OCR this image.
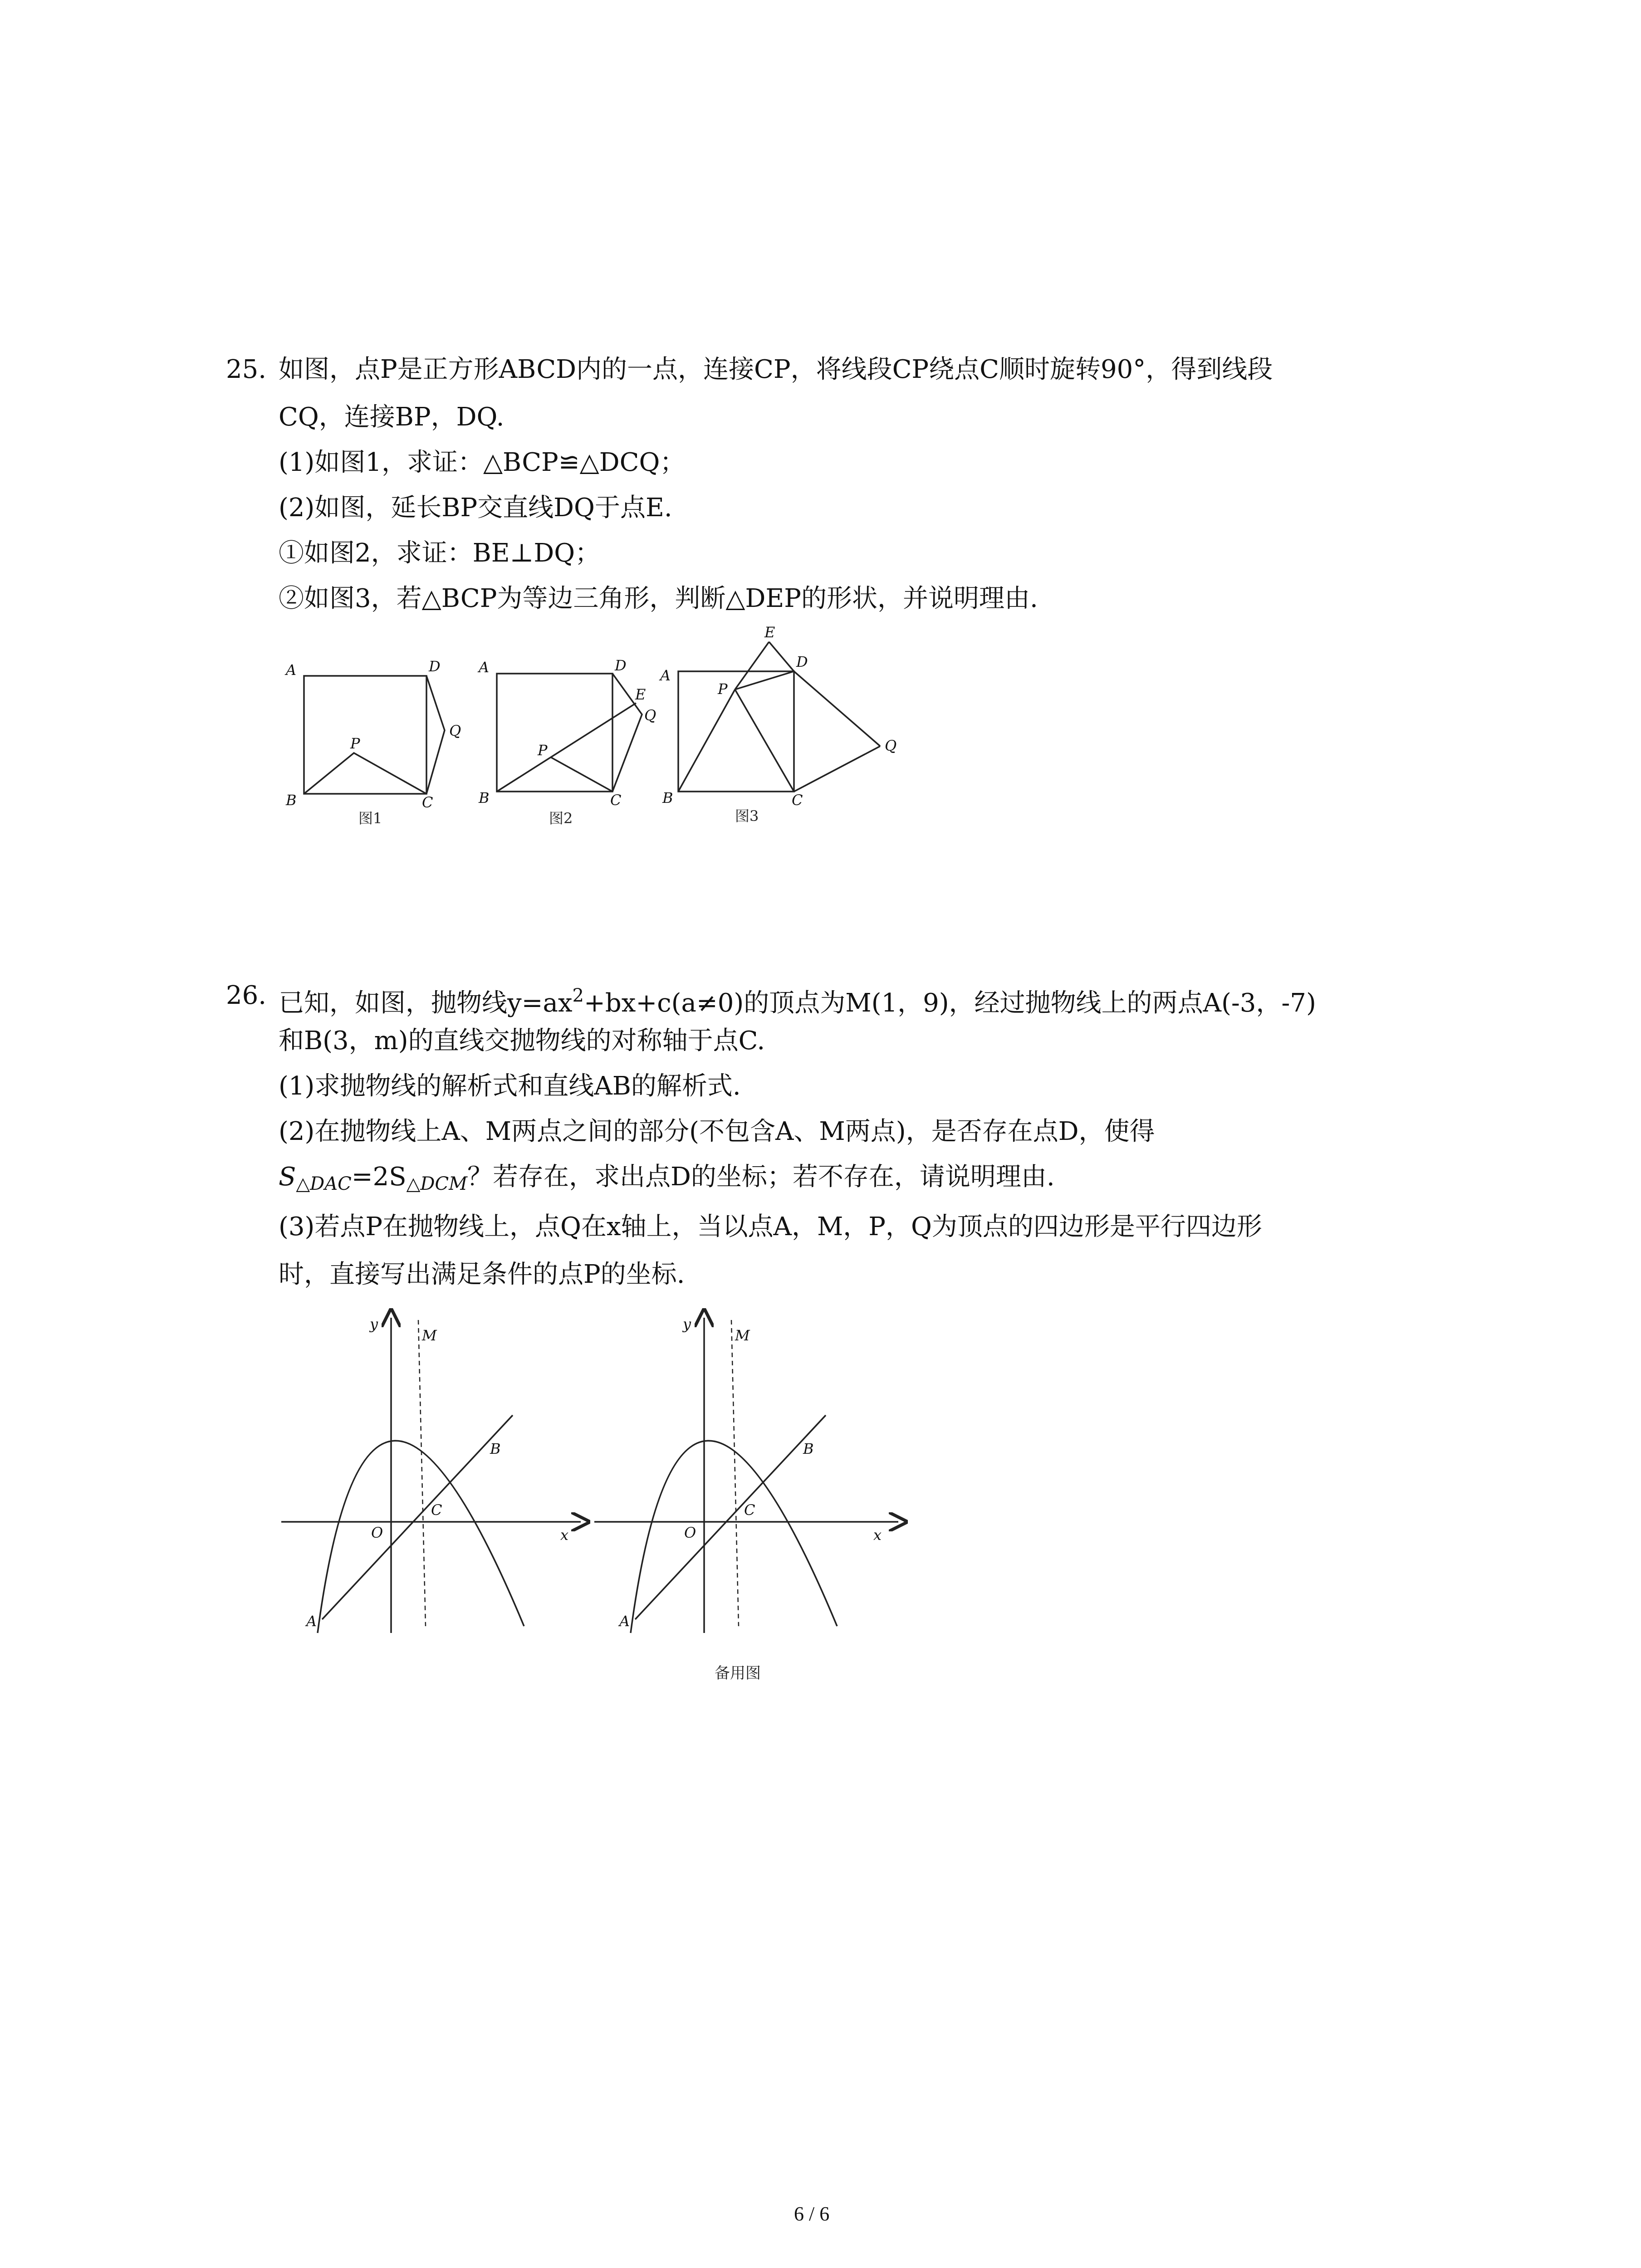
25. 如图，点P是正方形ABCD内的一点，连接CP，将线段CP绕点C顺时旋转90°，得到线段
CQ，连接BP，DQ.
(1)如图1，求证：△BCP≌△DCQ；
(2)如图，延长BP交直线DQ于点E.
①如图2，求证：BE⊥DQ；
②如图3，若△BCP为等边三角形，判断△DEP的形状，并说明理由.
A	D
Q
P
B	C
A	D
E
Q
P
B	C
A
E
D
P
Q
B	C
图1	图2	图3
26. 已知，如图，抛物线$y=ax^2+bx+c(a\ne 0)$的顶点为M(1，9)，经过抛物线上的两点A(-3，-7)
和B(3，m)的直线交抛物线的对称轴于点C.
(1)求抛物线的解析式和直线AB的解析式.
(2)在抛物线上A、M两点之间的部分(不包含A、M两点)，是否存在点D，使得
$S_{\triangle DAC}=2S_{\triangle DCM}$？若存在，求出点D的坐标；若不存在，请说明理由.
(3)若点P在抛物线上，点Q在x轴上，当以点A，M，P，Q为顶点的四边形是平行四边形
时，直接写出满足条件的点P的坐标.
y
x
O
M
B
C
A
y
x
O
M
B
C
A
备用图
6 / 6
